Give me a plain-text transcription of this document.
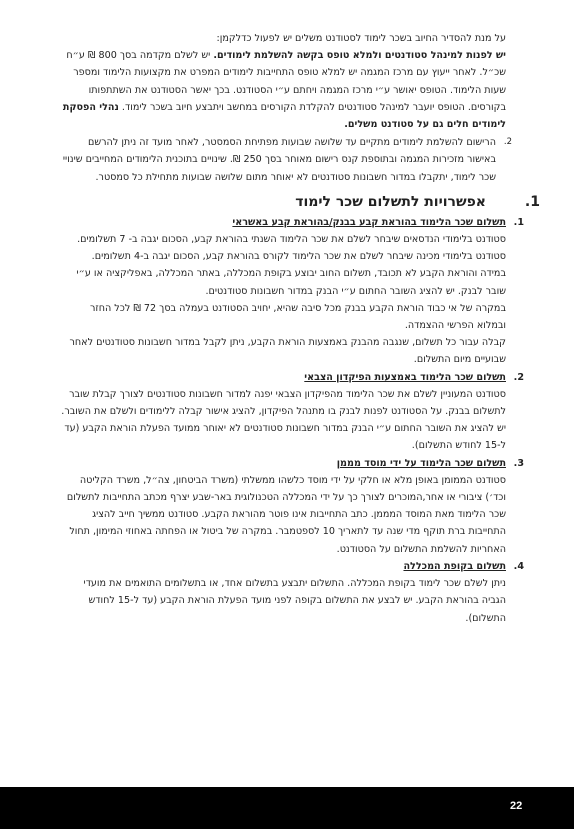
על מנת להסדיר החיוב בשכר לימוד לסטודנט משלים יש לפעול כדלקמן:
יש לפנות למינהל סטודנטים ולמלא טופס בקשה להשלמת לימודים. יש לשלם מקדמה בסך 800 ₪ ע״ח שכ״ל. לאחר ייעוץ עם מרכז המגמה יש למלא טופס התחייבות לימודים המפרט את מקצועות הלימוד ומספר שעות הלימוד. הטופס יאושר ע״י מרכז המגמה ויחתם ע״י הסטודנט. בכך יאשר הסטודנט את השתתפותו בקורסים. הטופס יועבר למינהל סטודנטים להקלדת הקורסים במחשב ויתבצע חיוב בשכר לימוד. נהלי הפסקת לימודים חלים גם על סטודנט משלים.

2.

הרישום להשלמת לימודים מתקיים עד שלושה שבועות מפתיחת הסמסטר, לאחר מועד זה ניתן להרשם באישור מזכירות המגמה ובתוספת קנס רישום מאוחר בסך 250 ₪. שינויים בתוכנית הלימודים המחייבים שינויי שכר לימוד, יתקבלו במדור חשבונות סטודנטים לא יאוחר מתום שלושה שבועות מתחילת כל סמסטר.

1.
אפשרויות לתשלום שכר לימוד
1.
תשלום שכר הלימוד בהוראת קבע בבנק/בהוראת קבע באשראי

סטודנט בלימודי הנדסאים שיבחר לשלם את שכר הלימוד השנתי בהוראת קבע, הסכום יגבה ב- 7 תשלומים. סטודנט בלימודי מכינה שיבחר לשלם את שכר הלימוד לקורס בהוראת קבע, הסכום יגבה ב-4 תשלומים.

במידה והוראת הקבע לא תכובד, תשלום החוב יבוצע בקופת המכללה, באתר המכללה, באפליקציה או ע״י שובר לבנק. יש להציג השובר החתום ע״י הבנק במדור חשבונות סטודנטים.

במקרה של אי כבוד הוראת הקבע בבנק מכל סיבה שהיא, יחויב הסטודנט בעמלה בסך 72 ₪ לכל החזר ובמלוא הפרשי ההצמדה.

קבלה עבור כל תשלום, שנגבה מהבנק באמצעות הוראת הקבע, ניתן לקבל במדור חשבונות סטודנטים לאחר שבועיים מיום התשלום.

2.
תשלום שכר הלימוד באמצעות הפיקדון הצבאי

סטודנט המעוניין לשלם את שכר הלימוד מהפיקדון הצבאי יפנה למדור חשבונות סטודנטים לצורך קבלת שובר לתשלום בבנק. על הסטודנט לפנות לבנק בו מתנהל הפיקדון, להציג אישור קבלה ללימודים ולשלם את השובר. יש להציג את השובר החתום ע״י הבנק במדור חשבונות סטודנטים לא יאוחר ממועד הפעלת הוראת הקבע (עד ל-15 לחודש התשלום).

3.
תשלום שכר הלימוד על ידי מוסד מממן

סטודנט הממומן באופן מלא או חלקי על ידי מוסד כלשהו ממשלתי (משרד הביטחון, צה״ל, משרד הקליטה וכד׳) ציבורי או אחר,המוכרים לצורך כך על ידי המכללה הטכנולוגית באר-שבע יצרף מכתב התחייבות לתשלום שכר הלימוד מאת המוסד המממן. כתב התחייבות אינו פוטר מהוראת הקבע. סטודנט ממשיך חייב להציג התחייבות ברת תוקף מדי שנה עד לתאריך 10 לספטמבר. במקרה של ביטול או הפחתה באחוזי המימון, תחול האחריות להשלמת התשלום על הסטודנט.

4.
תשלום בקופת המכללה

ניתן לשלם שכר לימוד בקופת המכללה. התשלום יתבצע בתשלום אחד, או בתשלומים התואמים את מועדי הגביה בהוראת הקבע. יש לבצע את התשלום בקופה לפני מועד הפעלת הוראת הקבע (עד ל-15 לחודש התשלום).

22
